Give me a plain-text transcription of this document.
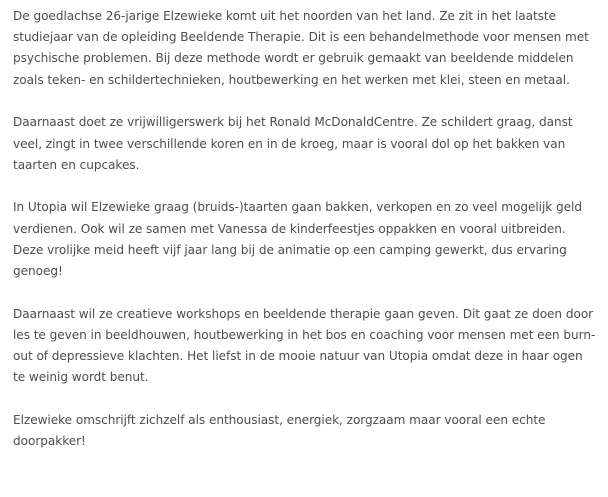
De goedlachse 26-jarige Elzewieke komt uit het noorden van het land. Ze zit in het laatste studiejaar van de opleiding Beeldende Therapie. Dit is een behandelmethode voor mensen met psychische problemen. Bij deze methode wordt er gebruik gemaakt van beeldende middelen zoals teken- en schildertechnieken, houtbewerking en het werken met klei, steen en metaal.

Daarnaast doet ze vrijwilligerswerk bij het Ronald McDonaldCentre. Ze schildert graag, danst veel, zingt in twee verschillende koren en in de kroeg, maar is vooral dol op het bakken van taarten en cupcakes.

In Utopia wil Elzewieke graag (bruids-)taarten gaan bakken, verkopen en zo veel mogelijk geld verdienen. Ook wil ze samen met Vanessa de kinderfeestjes oppakken en vooral uitbreiden. Deze vrolijke meid heeft vijf jaar lang bij de animatie op een camping gewerkt, dus ervaring genoeg!

Daarnaast wil ze creatieve workshops en beeldende therapie gaan geven. Dit gaat ze doen door les te geven in beeldhouwen, houtbewerking in het bos en coaching voor mensen met een burn-out of depressieve klachten. Het liefst in de mooie natuur van Utopia omdat deze in haar ogen te weinig wordt benut.

Elzewieke omschrijft zichzelf als enthousiast, energiek, zorgzaam maar vooral een echte doorpakker!
